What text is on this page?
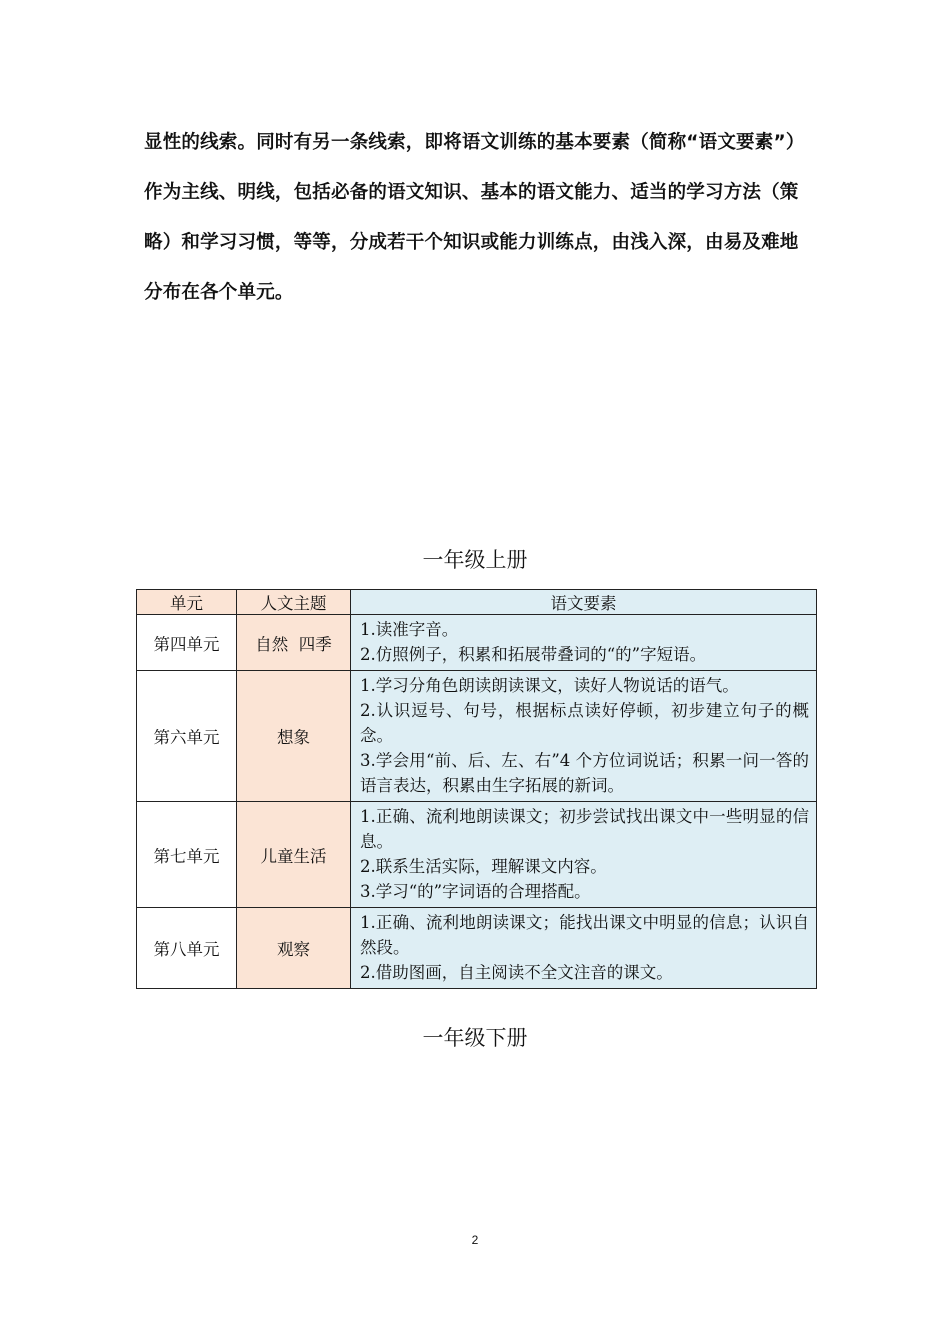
显性的线索。同时有另一条线索，即将语文训练的基本要素（简称“语文要素”）作为主线、明线，包括必备的语文知识、基本的语文能力、适当的学习方法（策略）和学习习惯，等等，分成若干个知识或能力训练点，由浅入深，由易及难地分布在各个单元。

一年级上册
单元	人文主题	语文要素
第四单元	自然  四季	1.读准字音。
2.仿照例子，积累和拓展带叠词的“的”字短语。

第六单元	想象	1.学习分角色朗读朗读课文，读好人物说话的语气。
2.认识逗号、句号，根据标点读好停顿，初步建立句子的概念。
3.学会用“前、后、左、右”4 个方位词说话；积累一问一答的语言表达，积累由生字拓展的新词。

第七单元	儿童生活	1.正确、流利地朗读课文；初步尝试找出课文中一些明显的信息。
2.联系生活实际，理解课文内容。
3.学习“的”字词语的合理搭配。

第八单元	观察	1.正确、流利地朗读课文；能找出课文中明显的信息；认识自然段。
2.借助图画，自主阅读不全文注音的课文。
一年级下册
2
